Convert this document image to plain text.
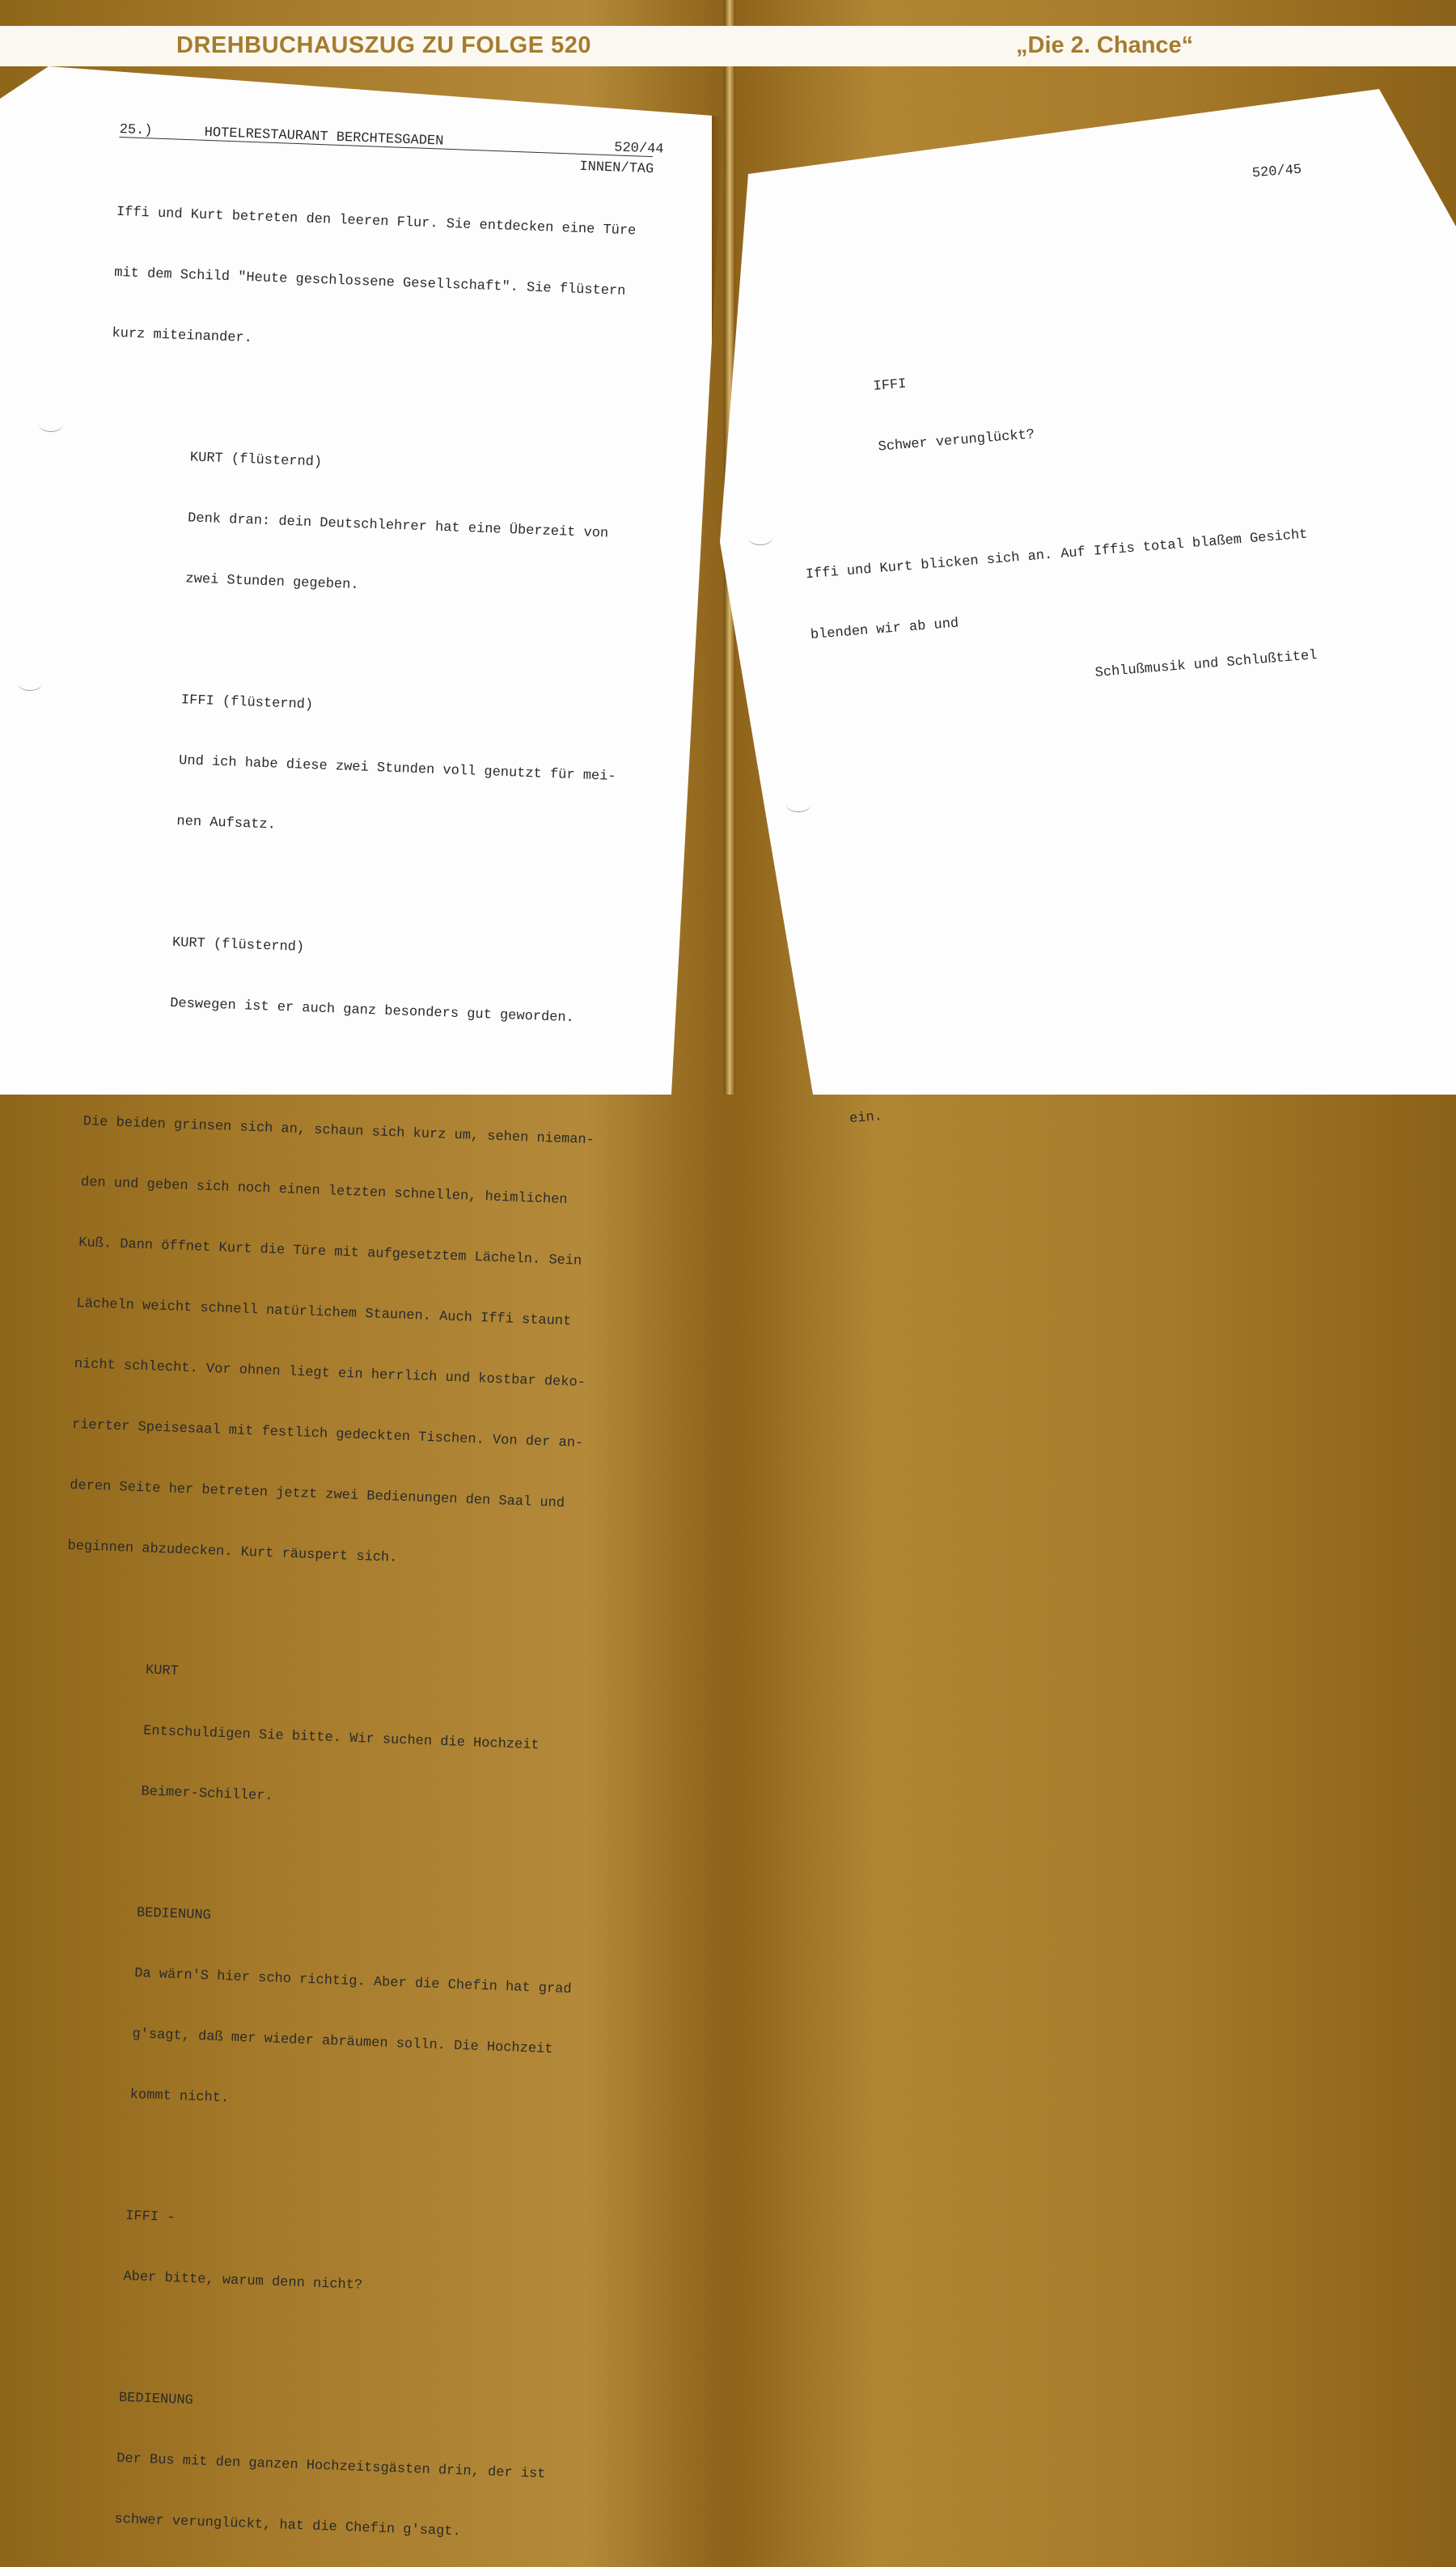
DREHBUCHAUSZUG ZU FOLGE 520	„Die 2. Chance“

25.)

	HOTELRESTAURANT BERCHTESGADEN

	520/44

INNEN/TAG

Iffi und Kurt betreten den leeren Flur. Sie entdecken eine Türe

mit dem Schild "Heute geschlossene Gesellschaft". Sie flüstern

kurz miteinander.

​

KURT (flüsternd)

Denk dran: dein Deutschlehrer hat eine Überzeit von

zwei Stunden gegeben.

​

IFFI (flüsternd)

Und ich habe diese zwei Stunden voll genutzt für mei-

nen Aufsatz.

​

KURT (flüsternd)

Deswegen ist er auch ganz besonders gut geworden.

​

Die beiden grinsen sich an, schaun sich kurz um, sehen nieman-

den und geben sich noch einen letzten schnellen, heimlichen

Kuß. Dann öffnet Kurt die Türe mit aufgesetztem Lächeln. Sein

Lächeln weicht schnell natürlichem Staunen. Auch Iffi staunt

nicht schlecht. Vor ohnen liegt ein herrlich und kostbar deko-

rierter Speisesaal mit festlich gedeckten Tischen. Von der an-

deren Seite her betreten jetzt zwei Bedienungen den Saal und

beginnen abzudecken. Kurt räuspert sich.

​

KURT

Entschuldigen Sie bitte. Wir suchen die Hochzeit

Beimer-Schiller.

​

BEDIENUNG

Da wärn'S hier scho richtig. Aber die Chefin hat grad

g'sagt, daß mer wieder abräumen solln. Die Hochzeit

kommt nicht.

​

IFFI -

Aber bitte, warum denn nicht?

​

BEDIENUNG

Der Bus mit den ganzen Hochzeitsgästen drin, der ist

schwer verunglückt, hat die Chefin g'sagt.

520/45

​

​

IFFI

Schwer verunglückt?

​

Iffi und Kurt blicken sich an. Auf Iffis total blaßem Gesicht

blenden wir ab und

Schlußmusik und Schlußtitel

​

​

​

​

​

​

ein.
